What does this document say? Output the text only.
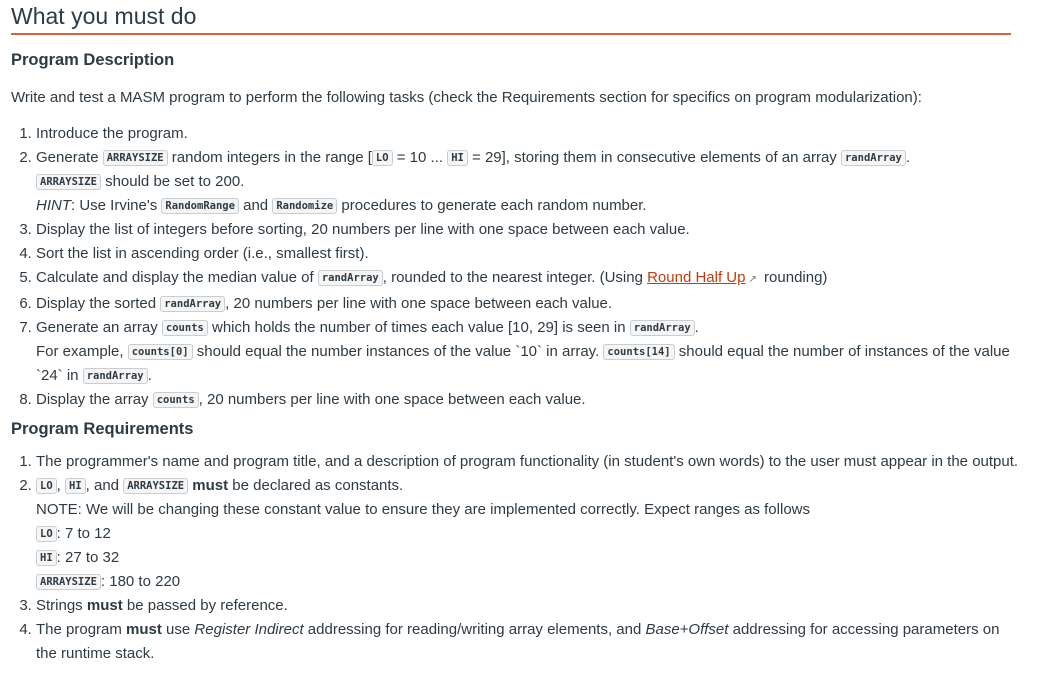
What you must do
Program Description

Write and test a MASM program to perform the following tasks (check the Requirements section for specifics on program modularization):

1. Introduce the program.
2. Generate ARRAYSIZE random integers in the range [ LO = 10 ... HI = 29], storing them in consecutive elements of an array randArray .
ARRAYSIZE should be set to 200.
HINT: Use Irvine's RandomRange and Randomize procedures to generate each random number.
3. Display the list of integers before sorting, 20 numbers per line with one space between each value.
4. Sort the list in ascending order (i.e., smallest first).
5. Calculate and display the median value of randArray , rounded to the nearest integer. (Using Round Half Up ↗︎ rounding)
6. Display the sorted randArray , 20 numbers per line with one space between each value.
7. Generate an array counts which holds the number of times each value [10, 29] is seen in randArray .
For example, counts[0] should equal the number instances of the value `10` in array. counts[14] should equal the number of instances of the value `24` in randArray .
8. Display the array counts , 20 numbers per line with one space between each value.
Program Requirements
1. The programmer's name and program title, and a description of program functionality (in student's own words) to the user must appear in the output.
2. LO , HI , and ARRAYSIZE must be declared as constants.
NOTE: We will be changing these constant value to ensure they are implemented correctly. Expect ranges as follows
LO : 7 to 12
HI : 27 to 32
ARRAYSIZE : 180 to 220
3. Strings must be passed by reference.
4. The program must use Register Indirect addressing for reading/writing array elements, and Base+Offset addressing for accessing parameters on the runtime stack.
